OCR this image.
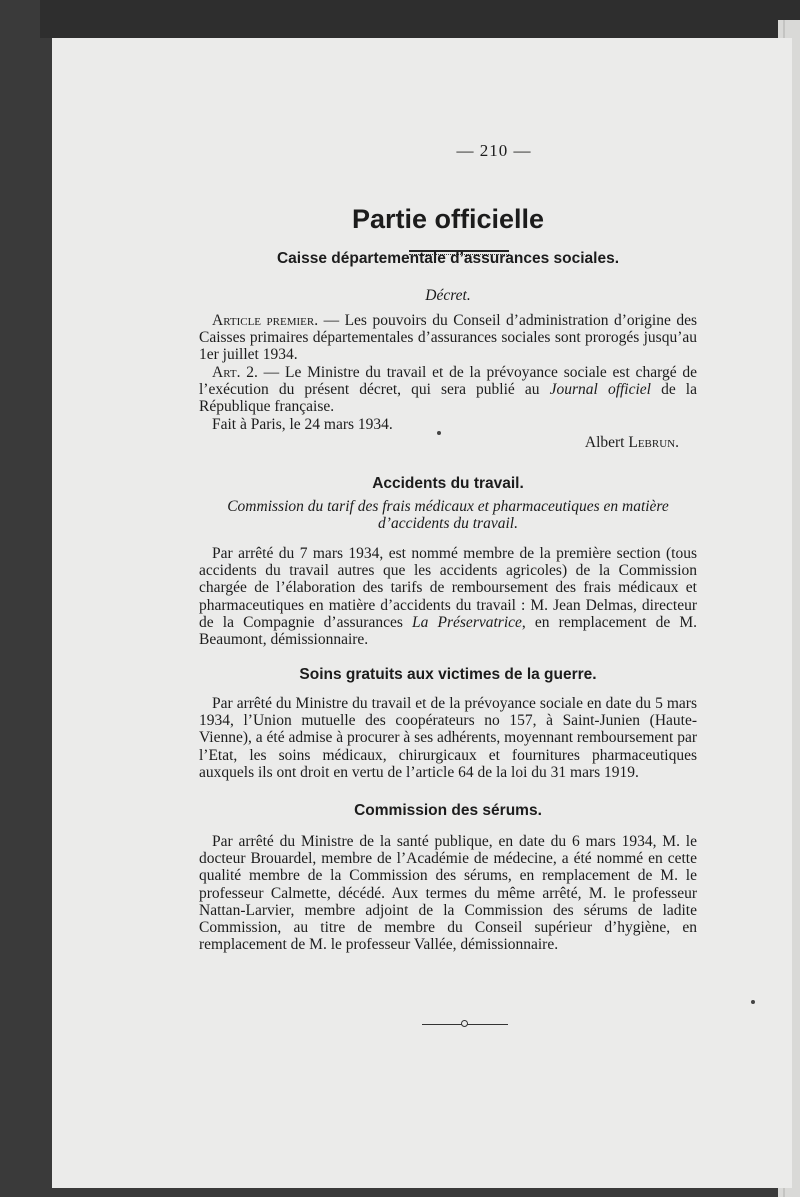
— 210 —
Partie officielle
Caisse départementale d’assurances sociales.
Décret.
Article premier. — Les pouvoirs du Conseil d’administration d’origine des Caisses primaires départementales d’assurances sociales sont prorogés jusqu’au 1er juillet 1934.
Art. 2. — Le Ministre du travail et de la prévoyance sociale est chargé de l’exécution du présent décret, qui sera publié au Journal officiel de la République française.
Fait à Paris, le 24 mars 1934.
Albert Lebrun.
Accidents du travail.
Commission du tarif des frais médicaux et pharmaceutiques en matière d’accidents du travail.
Par arrêté du 7 mars 1934, est nommé membre de la première section (tous accidents du travail autres que les accidents agricoles) de la Commission chargée de l’élaboration des tarifs de remboursement des frais médicaux et pharmaceutiques en matière d’accidents du travail : M. Jean Delmas, directeur de la Compagnie d’assurances La Préservatrice, en remplacement de M. Beaumont, démissionnaire.
Soins gratuits aux victimes de la guerre.
Par arrêté du Ministre du travail et de la prévoyance sociale en date du 5 mars 1934, l’Union mutuelle des coopérateurs no 157, à Saint-Junien (Haute-Vienne), a été admise à procurer à ses adhérents, moyennant remboursement par l’Etat, les soins médicaux, chirurgicaux et fournitures pharmaceutiques auxquels ils ont droit en vertu de l’article 64 de la loi du 31 mars 1919.
Commission des sérums.
Par arrêté du Ministre de la santé publique, en date du 6 mars 1934, M. le docteur Brouardel, membre de l’Académie de médecine, a été nommé en cette qualité membre de la Commission des sérums, en remplacement de M. le professeur Calmette, décédé. Aux termes du même arrêté, M. le professeur Nattan-Larvier, membre adjoint de la Commission des sérums de ladite Commission, au titre de membre du Conseil supérieur d’hygiène, en remplacement de M. le professeur Vallée, démissionnaire.
